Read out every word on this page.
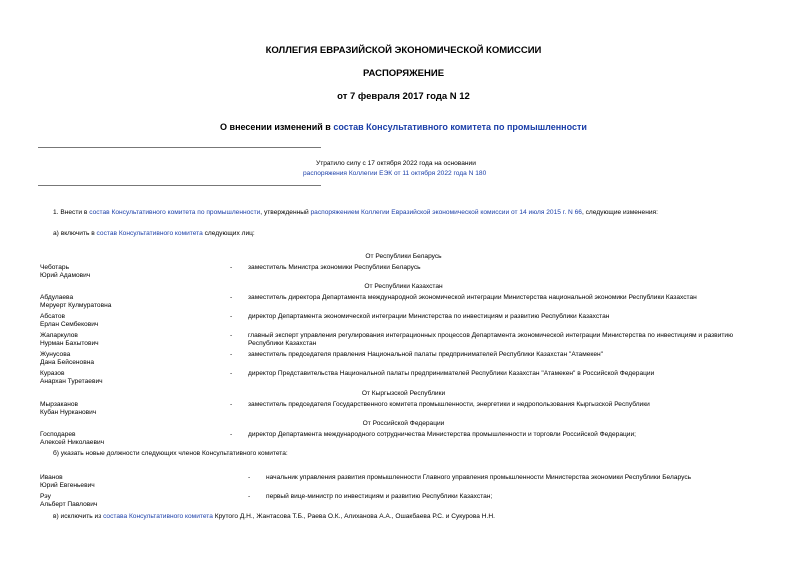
КОЛЛЕГИЯ ЕВРАЗИЙСКОЙ ЭКОНОМИЧЕСКОЙ КОМИССИИ
РАСПОРЯЖЕНИЕ
от 7 февраля 2017 года N 12
О внесении изменений в состав Консультативного комитета по промышленности
Утратило силу с 17 октября 2022 года на основании
распоряжения Коллегии ЕЭК от 11 октября 2022 года N 180
1. Внести в состав Консультативного комитета по промышленности, утвержденный распоряжением Коллегии Евразийской экономической комиссии от 14 июля 2015 г. N 66, следующие изменения:
а) включить в состав Консультативного комитета следующих лиц:
От Республики Беларусь
Чеботарь
Юрий Адамович
- заместитель Министра экономики Республики Беларусь
От Республики Казахстан
Абдулаева
Меруерт Кулмуратовна
- заместитель директора Департамента международной экономической интеграции Министерства национальной экономики Республики Казахстан
Абсатов
Ерлан Сембекович
- директор Департамента экономической интеграции Министерства по инвестициям и развитию Республики Казахстан
Жапаркулов
Нурман Бахытович
- главный эксперт управления регулирования интеграционных процессов Департамента экономической интеграции Министерства по инвестициям и развитию
Республики Казахстан
Жунусова
Дана Бейсеновна
- заместитель председателя правления Национальной палаты предпринимателей Республики Казахстан "Атамекен"
Куразов
Анархан Туретаевич
- директор Представительства Национальной палаты предпринимателей Республики Казахстан "Атамекен" в Российской Федерации
От Кыргызской Республики
Мырзаканов
Кубан Нурканович
- заместитель председателя Государственного комитета промышленности, энергетики и недропользования Кыргызской Республики
От Российской Федерации
Господарев
Алексей Николаевич
- директор Департамента международного сотрудничества Министерства промышленности и торговли Российской Федерации;
б) указать новые должности следующих членов Консультативного комитета:
Иванов
Юрий Евгеньевич
- начальник управления развития промышленности Главного управления промышленности Министерства экономики Республики Беларусь
Рэу
Альберт Павлович
- первый вице-министр по инвестициям и развитию Республики Казахстан;
в) исключить из состава Консультативного комитета Крутого Д.Н., Жантасова Т.Б., Раева О.К., Алиханова А.А., Ошакбаева Р.С. и Сукурова Н.Н.
